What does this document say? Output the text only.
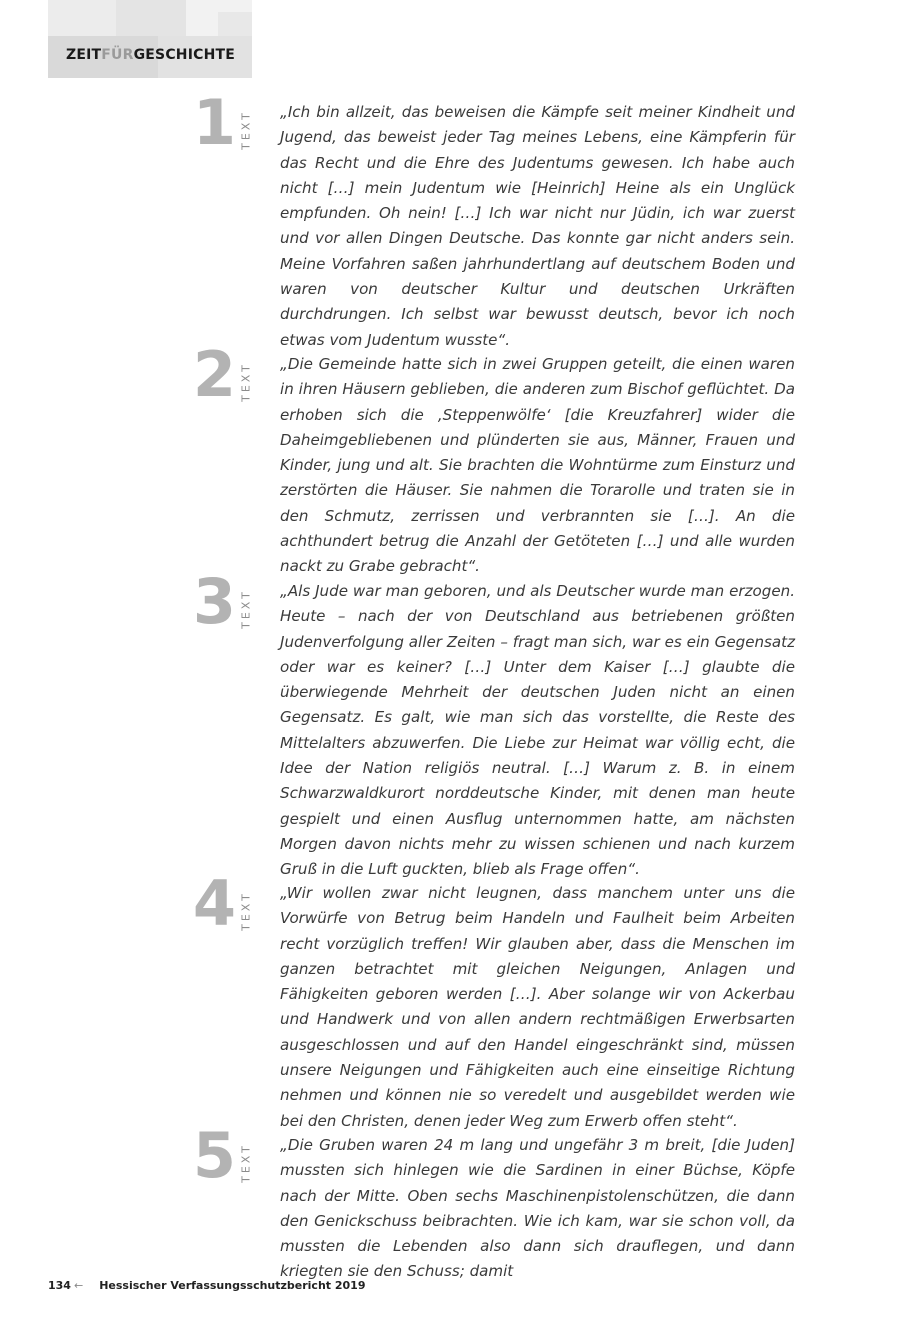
ZEITFÜRGESCHICHTE
1 TEXT „Ich bin allzeit, das beweisen die Kämpfe seit meiner Kindheit und Jugend, das beweist jeder Tag meines Lebens, eine Kämpferin für das Recht und die Ehre des Judentums gewesen. Ich habe auch nicht […] mein Judentum wie [Heinrich] Heine als ein Unglück empfunden. Oh nein! […] Ich war nicht nur Jüdin, ich war zuerst und vor allen Dingen Deutsche. Das konnte gar nicht anders sein. Meine Vorfahren saßen jahrhundertlang auf deutschem Boden und waren von deutscher Kultur und deutschen Urkräften durchdrungen. Ich selbst war bewusst deutsch, bevor ich noch etwas vom Judentum wusste“.
2 TEXT „Die Gemeinde hatte sich in zwei Gruppen geteilt, die einen waren in ihren Häusern geblieben, die anderen zum Bischof geflüchtet. Da erhoben sich die ‚Steppenwölfe‘ [die Kreuzfahrer] wider die Daheimgebliebenen und plünderten sie aus, Männer, Frauen und Kinder, jung und alt. Sie brachten die Wohntürme zum Einsturz und zerstörten die Häuser. Sie nahmen die Torarolle und traten sie in den Schmutz, zerrissen und verbrannten sie […]. An die achthundert betrug die Anzahl der Getöteten […] und alle wurden nackt zu Grabe gebracht“.
3 TEXT „Als Jude war man geboren, und als Deutscher wurde man erzogen. Heute – nach der von Deutschland aus betriebenen größten Judenverfolgung aller Zeiten – fragt man sich, war es ein Gegensatz oder war es keiner? […] Unter dem Kaiser […] glaubte die überwiegende Mehrheit der deutschen Juden nicht an einen Gegensatz. Es galt, wie man sich das vorstellte, die Reste des Mittelalters abzuwerfen. Die Liebe zur Heimat war völlig echt, die Idee der Nation religiös neutral. […] Warum z. B. in einem Schwarzwaldkurort norddeutsche Kinder, mit denen man heute gespielt und einen Ausflug unternommen hatte, am nächsten Morgen davon nichts mehr zu wissen schienen und nach kurzem Gruß in die Luft guckten, blieb als Frage offen“.
4 TEXT „Wir wollen zwar nicht leugnen, dass manchem unter uns die Vorwürfe von Betrug beim Handeln und Faulheit beim Arbeiten recht vorzüglich treffen! Wir glauben aber, dass die Menschen im ganzen betrachtet mit gleichen Neigungen, Anlagen und Fähigkeiten geboren werden […]. Aber solange wir von Ackerbau und Handwerk und von allen andern rechtmäßigen Erwerbsarten ausgeschlossen und auf den Handel eingeschränkt sind, müssen unsere Neigungen und Fähigkeiten auch eine einseitige Richtung nehmen und können nie so veredelt und ausgebildet werden wie bei den Christen, denen jeder Weg zum Erwerb offen steht“.
5 TEXT „Die Gruben waren 24 m lang und ungefähr 3 m breit, [die Juden] mussten sich hinlegen wie die Sardinen in einer Büchse, Köpfe nach der Mitte. Oben sechs Maschinenpistolenschützen, die dann den Genickschuss beibrachten. Wie ich kam, war sie schon voll, da mussten die Lebenden also dann sich drauflegen, und dann kriegten sie den Schuss; damit
134 ← Hessischer Verfassungsschutzbericht 2019
